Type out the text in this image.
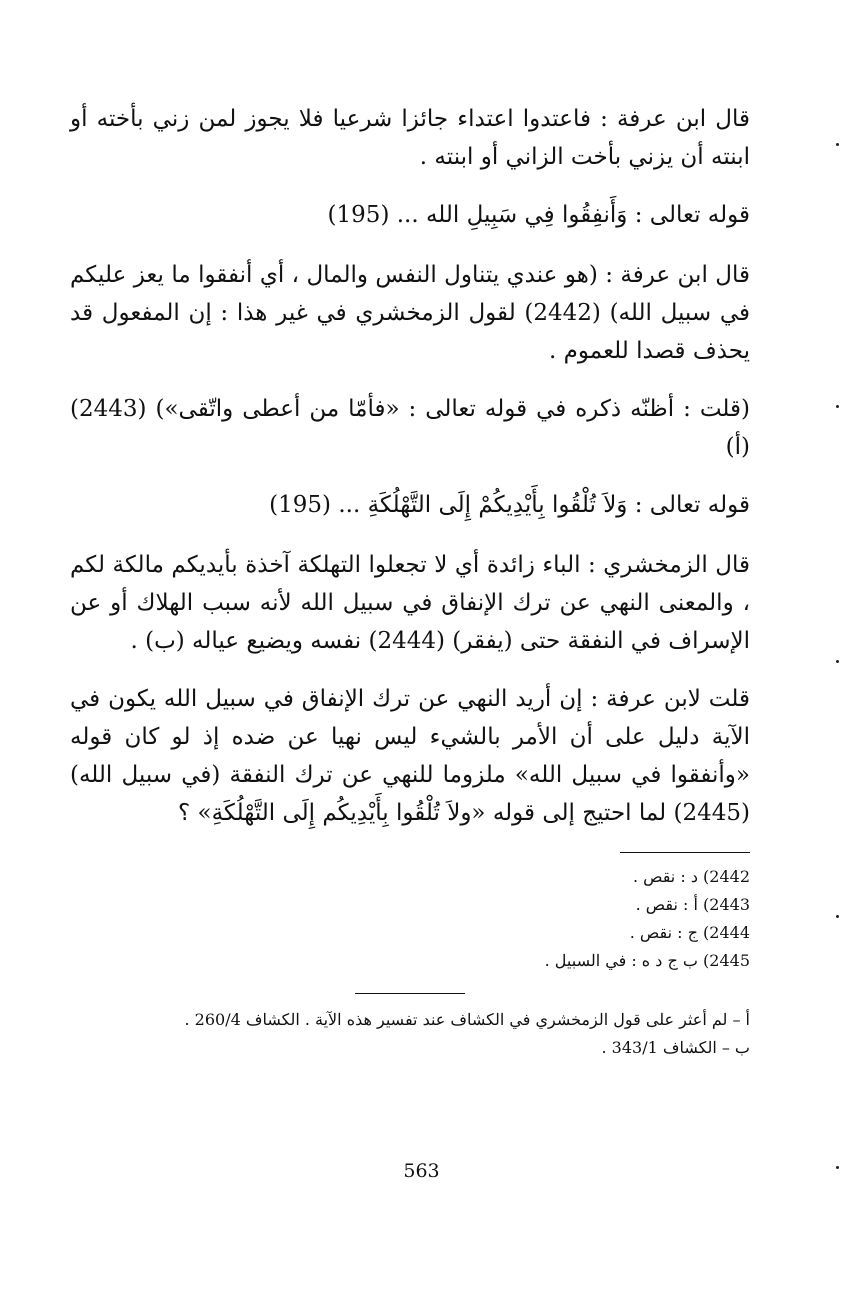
قال ابن عرفة : فاعتدوا اعتداء جائزا شرعيا فلا يجوز لمن زني بأخته أو ابنته أن يزني بأخت الزاني أو ابنته .

قوله تعالى : وَأَنفِقُوا فِي سَبِيلِ الله ... (195)

قال ابن عرفة : (هو عندي يتناول النفس والمال ، أي أنفقوا ما يعز عليكم في سبيل الله) (2442) لقول الزمخشري في غير هذا : إن المفعول قد يحذف قصدا للعموم .

(قلت : أظنّه ذكره في قوله تعالى : «فأمّا من أعطى واتّقى») (2443)(أ)

قوله تعالى : وَلاَ تُلْقُوا بِأَيْدِيكُمْ إِلَى التَّهْلُكَةِ ... (195)

قال الزمخشري : الباء زائدة أي لا تجعلوا التهلكة آخذة بأيديكم مالكة لكم ، والمعنى النهي عن ترك الإنفاق في سبيل الله لأنه سبب الهلاك أو عن الإسراف في النفقة حتى (يفقر) (2444) نفسه ويضيع عياله (ب) .

قلت لابن عرفة : إن أريد النهي عن ترك الإنفاق في سبيل الله يكون في الآية دليل على أن الأمر بالشيء ليس نهيا عن ضده إذ لو كان قوله «وأنفقوا في سبيل الله» ملزوما للنهي عن ترك النفقة (في سبيل الله) (2445) لما احتيج إلى قوله «ولاَ تُلْقُوا بِأَيْدِيكُم إِلَى التَّهْلُكَةِ» ؟

2442) د : نقص .
2443) أ : نقص .
2444) ج : نقص .
2445) ب ج د ه : في السبيل .
أ – لم أعثر على قول الزمخشري في الكشاف عند تفسير هذه الآية . الكشاف 260/4 .
ب – الكشاف 343/1 .
563
